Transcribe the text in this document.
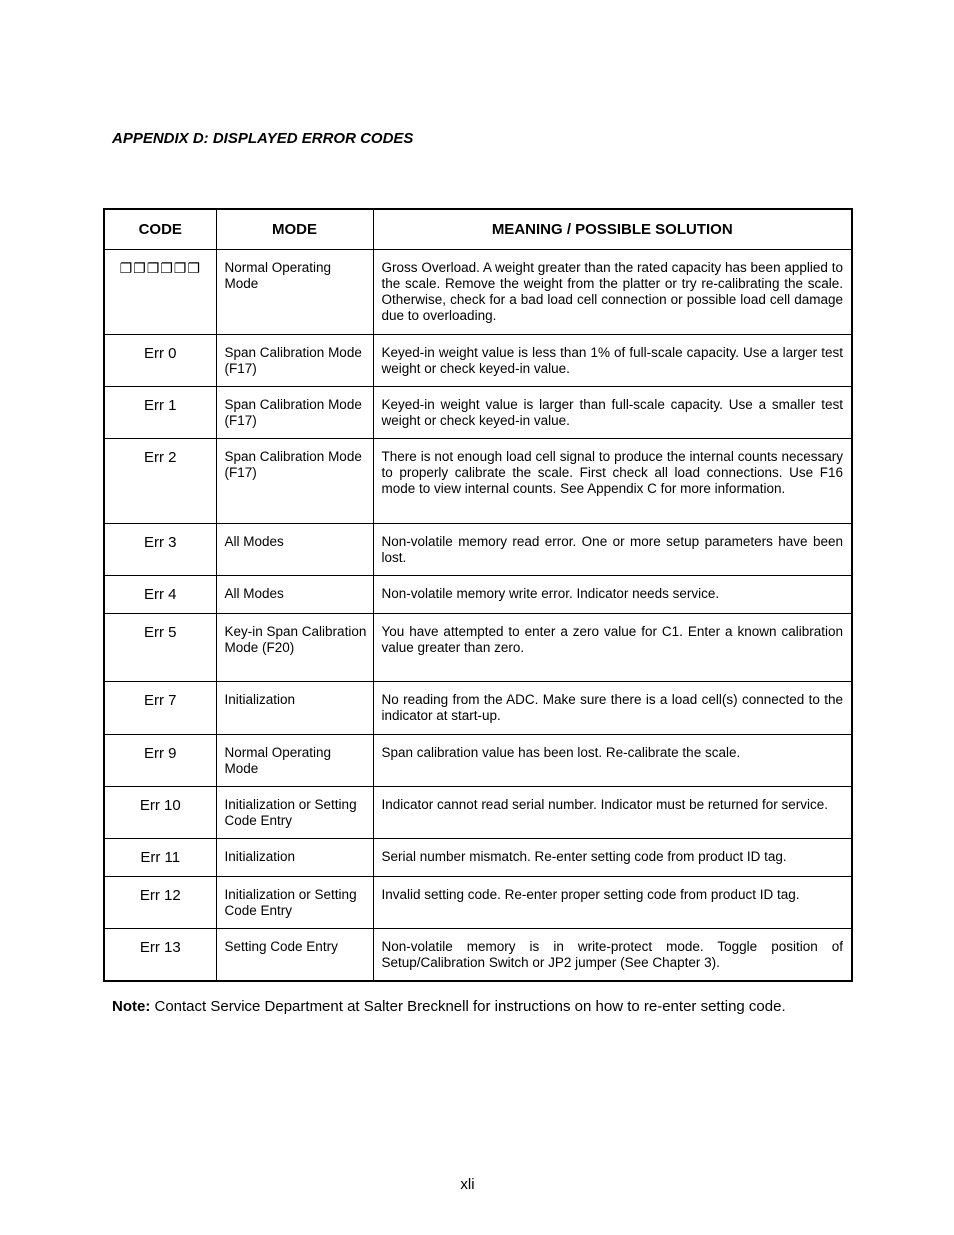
APPENDIX D: DISPLAYED ERROR CODES
CODE	MODE	MEANING / POSSIBLE SOLUTION
❐❐❐❐❐❐	Normal Operating Mode	Gross Overload. A weight greater than the rated capacity has been applied to the scale. Remove the weight from the platter or try re-calibrating the scale. Otherwise, check for a bad load cell connection or possible load cell damage due to overloading.
Err 0	Span Calibration Mode (F17)	Keyed-in weight value is less than 1% of full-scale capacity. Use a larger test weight or check keyed-in value.
Err 1	Span Calibration Mode (F17)	Keyed-in weight value is larger than full-scale capacity. Use a smaller test weight or check keyed-in value.
Err 2	Span Calibration Mode (F17)	There is not enough load cell signal to produce the internal counts necessary to properly calibrate the scale. First check all load connections. Use F16 mode to view internal counts. See Appendix C for more information.
Err 3	All Modes	Non-volatile memory read error. One or more setup parameters have been lost.
Err 4	All Modes	Non-volatile memory write error. Indicator needs service.
Err 5	Key-in Span Calibration Mode (F20)	You have attempted to enter a zero value for C1. Enter a known calibration value greater than zero.
Err 7	Initialization	No reading from the ADC. Make sure there is a load cell(s) connected to the indicator at start-up.
Err 9	Normal Operating Mode	Span calibration value has been lost. Re-calibrate the scale.
Err 10	Initialization or Setting Code Entry	Indicator cannot read serial number. Indicator must be returned for service.
Err 11	Initialization	Serial number mismatch. Re-enter setting code from product ID tag.
Err 12	Initialization or Setting Code Entry	Invalid setting code. Re-enter proper setting code from product ID tag.
Err 13	Setting Code Entry	Non-volatile memory is in write-protect mode. Toggle position of Setup/Calibration Switch or JP2 jumper (See Chapter 3).

Note: Contact Service Department at Salter Brecknell for instructions on how to re-enter setting code.

xli
